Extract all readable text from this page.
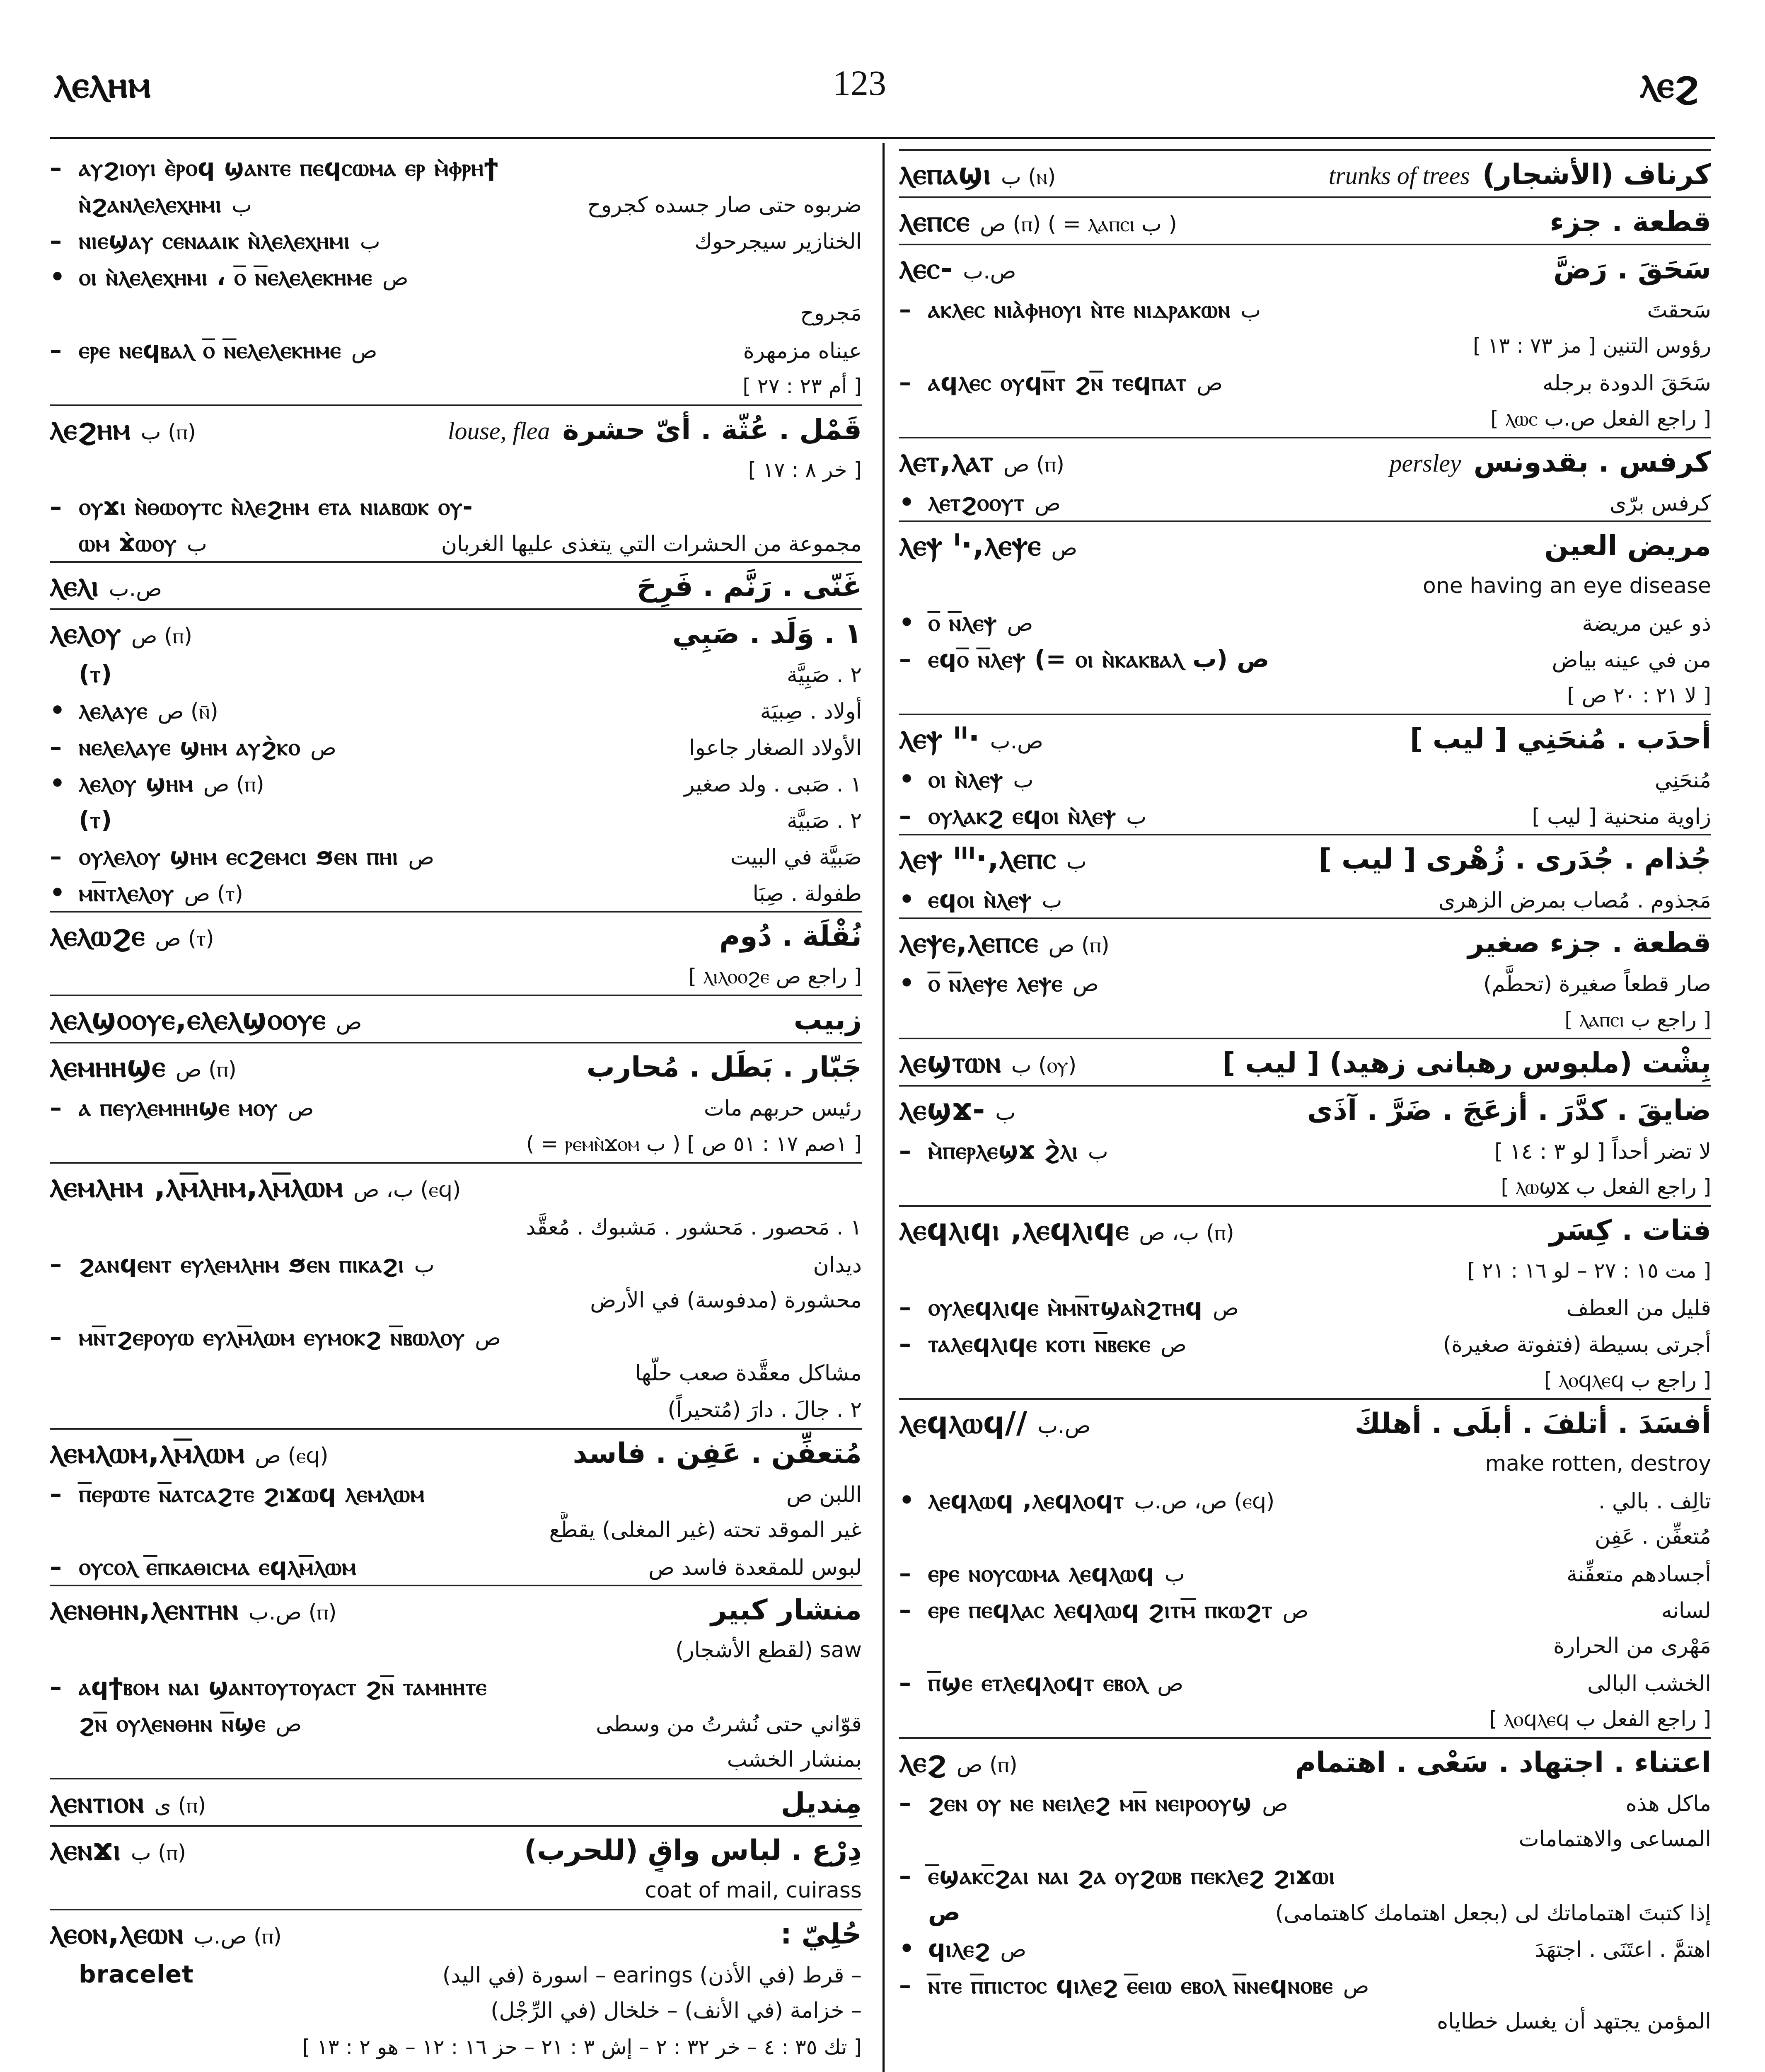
ⲗⲉⲗⲏⲙ	123	ⲗⲉϩ
– ⲁⲩϩⲓⲟⲩⲓ ⲉ̀ⲣⲟϥ ϣⲁⲛⲧⲉ ⲡⲉϥⲥⲱⲙⲁ ⲉⲣ ⲙ̀ⲫⲣⲏϯ
ⲛ̀ϩⲁⲛⲗⲉⲗⲉⲭⲏⲙⲓ ب	ضربوه حتى صار جسده كجروح
– ⲛⲓⲉϣⲁⲩ ⲥⲉⲛⲁⲁⲓⲕ ⲛ̀ⲗⲉⲗⲉⲭⲏⲙⲓ ب	الخنازير سيجرحوك
• ⲟⲓ ⲛ̀ⲗⲉⲗⲉⲭⲏⲙⲓ ، ⲟ̅ ⲛ̅ⲉⲗⲉⲗⲉⲕⲏⲙⲉ ص
مَجروح
– ⲉⲣⲉ ⲛⲉϥⲃⲁⲗ ⲟ̅ ⲛ̅ⲉⲗⲉⲗⲉⲕⲏⲙⲉ ص	عيناه مزمهرة
[ أم ٢٣ : ٢٧ ]
ⲗⲉϩⲏⲙ ب (ⲡ)	louse, flea قَمْل . عُثّة . أىّ حشرة
[ خر ٨ : ١٧ ]
– ⲟⲩϫⲓ ⲛ̀ⲑⲱⲟⲩⲧⲥ ⲛ̀ⲗⲉϩⲏⲙ ⲉⲧⲁ ⲛⲓⲁⲃⲱⲕ ⲟⲩ-
ⲱⲙ ϫ̀ⲱⲟⲩ ب	مجموعة من الحشرات التي يتغذى عليها الغربان
ⲗⲉⲗⲓ ص.ب	غَنّى . رَنَّم . فَرِحَ
ⲗⲉⲗⲟⲩ ص (ⲡ)	١ . وَلَد . صَبِي
(ⲧ)	٢ . صَبِيَّة
• ⲗⲉⲗⲁⲩⲉ ص (ⲛ̄)	أولاد . صِبيَة
– ⲛⲉⲗⲉⲗⲁⲩⲉ ϣⲏⲙ ⲁⲩϩ̀ⲕⲟ ص	الأولاد الصغار جاعوا
• ⲗⲉⲗⲟⲩ ϣⲏⲙ ص (ⲡ)	١ . صَبى . ولد صغير
(ⲧ)	٢ . صَبيَّة
– ⲟⲩⲗⲉⲗⲟⲩ ϣⲏⲙ ⲉⲥϩⲉⲙⲥⲓ ϧⲉⲛ ⲡⲏⲓ ص	صَبيَّة في البيت
• ⲙⲛ̅ⲧⲗⲉⲗⲟⲩ ص (ⲧ)	طفولة . صِبَا
ⲗⲉⲗⲱϩⲉ ص (ⲧ)	نُقْلَة . دُوم
[ راجع ص ⲗⲓⲗⲟⲟϩⲉ ]
ⲗⲉⲗϣⲟⲟⲩⲉ,ⲉⲗⲉⲗϣⲟⲟⲩⲉ ص	زبيب
ⲗⲉⲙⲏⲏϣⲉ ص (ⲡ)	جَبّار . بَطَل . مُحارب
– ⲁ ⲡⲉⲩⲗⲉⲙⲏⲏϣⲉ ⲙⲟⲩ ص	رئيس حربهم مات
[ ١صم ١٧ : ٥١ ص ] ( ب ⲣⲉⲙⲛ̀ϫⲟⲙ = )
ⲗⲉⲙⲗⲏⲙ ,ⲗⲙ̅ⲗⲏⲙ,ⲗⲙ̅ⲗⲱⲙ ب، ص (ⲉϥ)
١ . مَحصور . مَحشور . مَشبوك . مُعقَّد
– ϩⲁⲛϥⲉⲛⲧ ⲉⲩⲗⲉⲙⲗⲏⲙ ϧⲉⲛ ⲡⲓⲕⲁϩⲓ ب	ديدان
محشورة (مدفوسة) في الأرض
– ⲙⲛ̅ⲧϩⲉⲣⲟⲩⲱ ⲉⲩⲗⲙ̅ⲗⲱⲙ ⲉⲩⲙⲟⲕϩ ⲛ̅ⲃⲱⲗⲟⲩ ص
مشاكل معقَّدة صعب حلّها
٢ . جالَ . دارَ (مُتحيراً)
ⲗⲉⲙⲗⲱⲙ,ⲗⲙ̅ⲗⲱⲙ ص (ⲉϥ)	مُتعفِّن . عَفِن . فاسد
– ⲡ̅ⲉⲣⲱⲧⲉ ⲛ̅ⲁⲧⲥⲁϩⲧⲉ ϩⲓϫⲱϥ ⲗⲉⲙⲗⲱⲙ	اللبن ص
غير الموقد تحته (غير المغلى) يقطَّع
– ⲟⲩⲥⲟⲗ ⲉ̅ⲡⲕⲁⲑⲓⲥⲙⲁ ⲉϥⲗⲙ̅ⲗⲱⲙ	لبوس للمقعدة فاسد ص
ⲗⲉⲛⲑⲏⲛ,ⲗⲉⲛⲧⲏⲛ ص.ب (ⲡ)	منشار كبير
saw (لقطع الأشجار)
– ⲁϥϯⲃⲟⲙ ⲛⲁⲓ ϣⲁⲛⲧⲟⲩⲧⲟⲩⲁⲥⲧ ϩⲛ̅ ⲧⲁⲙⲏⲏⲧⲉ
ϩⲛ̅ ⲟⲩⲗⲉⲛⲑⲏⲛ ⲛ̅ϣⲉ ص	قوّاني حتى نُشرتُ من وسطى
بمنشار الخشب
ⲗⲉⲛⲧⲓⲟⲛ ى (ⲡ)	مِنديل
ⲗⲉⲛϫⲓ ب (ⲡ)	دِرْع . لباس واقٍ (للحرب)
coat of mail, cuirass
ⲗⲉⲟⲛ,ⲗⲉⲱⲛ ص.ب (ⲡ)	حُلِيّ :
bracelet	– قرط (في الأذن) earings – اسورة (في اليد)
– خزامة (في الأنف) – خلخال (في الرِّجْل)
[ تك ٣٥ : ٤ – خر ٣٢ : ٢ – إش ٣ : ٢١ – حز ١٦ : ١٢ – هو ٢ : ١٣ ]
ⲗⲉⲡⲁϣⲓ ب (ⲛ)	trunks of trees كرناف (الأشجار)
ⲗⲉⲡⲥⲉ ص (ⲡ) ( = ⲗⲁⲡⲥⲓ ب )	قطعة . جزء
ⲗⲉⲥ- ص.ب	سَحَقَ . رَضَّ
– ⲁⲕⲗⲉⲥ ⲛⲓⲁ̀ⲫⲏⲟⲩⲓ ⲛ̀ⲧⲉ ⲛⲓⲇⲣⲁⲕⲱⲛ ب	سَحقتَ
رؤوس التنين [ مز ٧٣ : ١٣ ]
– ⲁϥⲗⲉⲥ ⲟⲩϥⲛ̅ⲧ ϩⲛ̅ ⲧⲉϥⲡⲁⲧ ص	سَحَقَ الدودة برجله
[ راجع الفعل ص.ب ⲗⲱⲥ ]
ⲗⲉⲧ,ⲗⲁⲧ ص (ⲡ)	persley كرفس . بقدونس
• ⲗⲉⲧϩⲟⲟⲩⲧ ص	كرفس برّى
ⲗⲉⲯ ᴵ·,ⲗⲉⲯⲉ ص	مريض العين
one having an eye disease
• ⲟ̅ ⲛ̅ⲗⲉⲯ ص	ذو عين مريضة
– ⲉϥⲟ̅ ⲛ̅ⲗⲉⲯ (= ⲟⲓ ⲛ̀ⲕⲁⲕⲃⲁⲗ ب) ص	من في عينه بياض
[ لا ٢١ : ٢٠ ص ]
ⲗⲉⲯ ᴵᴵ· ص.ب	أحدَب . مُنحَنِي [ ليب ]
• ⲟⲓ ⲛ̀ⲗⲉⲯ ب	مُنحَنِي
– ⲟⲩⲗⲁⲕϩ ⲉϥⲟⲓ ⲛ̀ⲗⲉⲯ ب	زاوية منحنية [ ليب ]
ⲗⲉⲯ ᴵᴵᴵ·,ⲗⲉⲡⲥ ب	جُذام . جُدَرى . زُهْرى [ ليب ]
• ⲉϥⲟⲓ ⲛ̀ⲗⲉⲯ ب	مَجذوم . مُصاب بمرض الزهرى
ⲗⲉⲯⲉ,ⲗⲉⲡⲥⲉ ص (ⲡ)	قطعة . جزء صغير
• ⲟ̅ ⲛ̅ⲗⲉⲯⲉ ⲗⲉⲯⲉ ص	صار قطعاً صغيرة (تحطَّم)
[ راجع ب ⲗⲁⲡⲥⲓ ]
ⲗⲉϣⲧⲱⲛ ب (ⲟⲩ)	بِشْت (ملبوس رهبانى زهيد) [ ليب ]
ⲗⲉϣϫ- ب	ضايقَ . كدَّرَ . أزعَجَ . ضَرَّ . آذَى
– ⲙ̀ⲡⲉⲣⲗⲉϣϫ ϩ̀ⲗⲓ ب	لا تضر أحداً [ لو ٣ : ١٤ ]
[ راجع الفعل ب ⲗⲱϣϫ ]
ⲗⲉϥⲗⲓϥⲓ ,ⲗⲉϥⲗⲓϥⲉ ب، ص (ⲡ)	فتات . كِسَر
[ مت ١٥ : ٢٧ – لو ١٦ : ٢١ ]
– ⲟⲩⲗⲉϥⲗⲓϥⲉ ⲙ̀ⲙⲛ̅ⲧϣⲁⲛ̀ϩⲧⲏϥ ص	قليل من العطف
– ⲧⲁⲗⲉϥⲗⲓϥⲉ ⲕⲟⲧⲓ ⲛ̅ⲃⲉⲕⲉ ص	أجرتى بسيطة (فتفوتة صغيرة)
[ راجع ب ⲗⲟϥⲗⲉϥ ]
ⲗⲉϥⲗⲱϥ// ص.ب	أفسَدَ . أتلفَ . أبلَى . أهلكَ
make rotten, destroy
• ⲗⲉϥⲗⲱϥ ,ⲗⲉϥⲗⲟϥⲧ ص، ص.ب (ⲉϥ)	تالِف . بالي .
مُتعفِّن . عَفِن
– ⲉⲣⲉ ⲛⲟⲩⲥⲱⲙⲁ ⲗⲉϥⲗⲱϥ ب	أجسادهم متعفِّنة
– ⲉⲣⲉ ⲡⲉϥⲗⲁⲥ ⲗⲉϥⲗⲱϥ ϩⲓⲧⲙ̅ ⲡⲕⲱϩⲧ ص	لسانه
مَهْرى من الحرارة
– ⲡ̅ϣⲉ ⲉⲧⲗⲉϥⲗⲟϥⲧ ⲉⲃⲟⲗ ص	الخشب البالى
[ راجع الفعل ب ⲗⲟϥⲗⲉϥ ]
ⲗⲉϩ ص (ⲡ)	اعتناء . اجتهاد . سَعْى . اهتمام
– ϩⲉⲛ ⲟⲩ ⲛⲉ ⲛⲉⲓⲗⲉϩ ⲙⲛ̅ ⲛⲉⲓⲣⲟⲟⲩϣ ص	ماكل هذه
المساعى والاهتمامات
– ⲉ̅ϣⲁⲕⲥ̅ϩⲁⲓ ⲛⲁⲓ ϩⲁ ⲟⲩϩⲱⲃ ⲡⲉⲕⲗⲉϩ ϩⲓϫⲱⲓ
ص	إذا كتبتَ اهتماماتك لى (بجعل اهتمامك كاهتمامى)
• ϥⲓⲗⲉϩ ص	اهتمَّ . اعتَنَى . اجتهَدَ
– ⲛ̅ⲧⲉ ⲡ̅ⲡⲓⲥⲧⲟⲥ ϥⲓⲗⲉϩ ⲉ̅ⲉⲓⲱ ⲉⲃⲟⲗ ⲛ̅ⲛⲉϥⲛⲟⲃⲉ ص
المؤمن يجتهد أن يغسل خطاياه
